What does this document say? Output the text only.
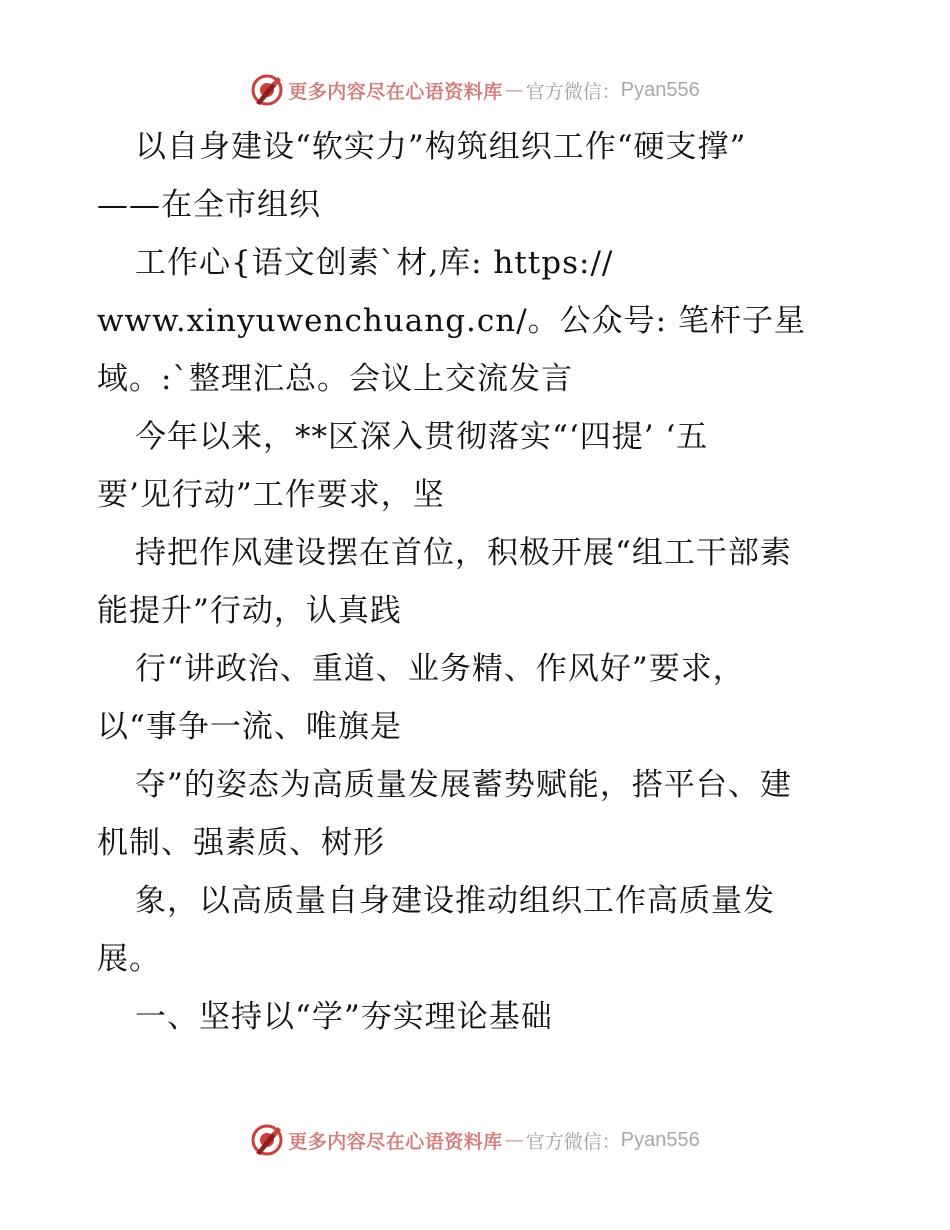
更多内容尽在心语资料库 — 官方微信： Pyan556
以自身建设“软实力”构筑组织工作“硬支撑”
——在全市组织
工作心{语文创素`材,库: https://
www.xinyuwenchuang.cn/。公众号: 笔杆子星
域。:`整理汇总。会议上交流发言
今年以来，**区深入贯彻落实“‘四提’ ‘五
要’见行动”工作要求，坚
持把作风建设摆在首位，积极开展“组工干部素
能提升”行动，认真践
行“讲政治、重道、业务精、作风好”要求，
以“事争一流、唯旗是
夺”的姿态为高质量发展蓄势赋能，搭平台、建
机制、强素质、树形
象，以高质量自身建设推动组织工作高质量发
展。
一、坚持以“学”夯实理论基础
更多内容尽在心语资料库 — 官方微信： Pyan556
